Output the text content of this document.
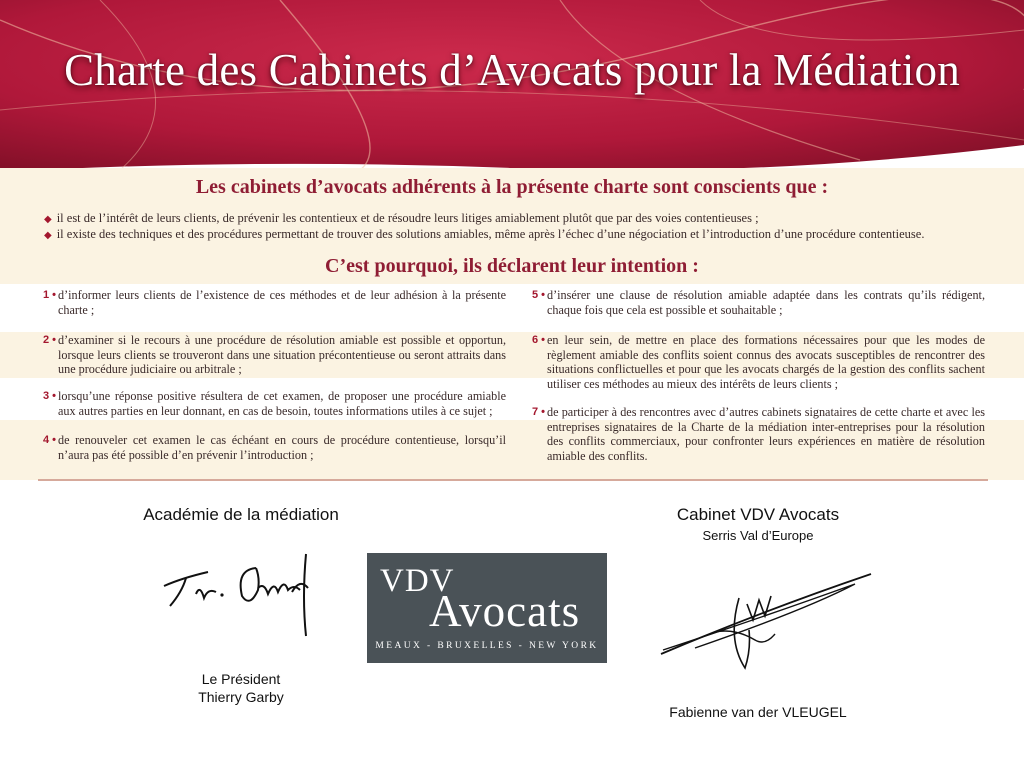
Charte des Cabinets d’Avocats pour la Médiation
Les cabinets d’avocats adhérents à la présente charte sont conscients que :
◆ il est de l’intérêt de leurs clients, de prévenir les contentieux et de résoudre leurs litiges amiablement plutôt que par des voies contentieuses ;
◆ il existe des techniques et des procédures permettant de trouver des solutions amiables, même après l’échec d’une négociation et l’introduction d’une procédure contentieuse.
C’est pourquoi, ils déclarent leur intention :
1 • d’informer leurs clients de l’existence de ces méthodes et de leur adhésion à la présente charte ;
2 • d’examiner si le recours à une procédure de résolution amiable est possible et opportun, lorsque leurs clients se trouveront dans une situation précontentieuse ou seront attraits dans une procédure judiciaire ou arbitrale ;
3 • lorsqu’une réponse positive résultera de cet examen, de proposer une procédure amiable aux autres parties en leur donnant, en cas de besoin, toutes informations utiles à ce sujet ;
4 • de renouveler cet examen le cas échéant en cours de procédure contentieuse, lorsqu’il n’aura pas été possible d’en prévenir l’introduction ;
5 • d’insérer une clause de résolution amiable adaptée dans les contrats qu’ils rédigent, chaque fois que cela est possible et souhaitable ;
6 • en leur sein, de mettre en place des formations nécessaires pour que les modes de règlement amiable des conflits soient connus des avocats susceptibles de rencontrer des situations conflictuelles et pour que les avocats chargés de la gestion des conflits sachent utiliser ces méthodes au mieux des intérêts de leurs clients ;
7 • de participer à des rencontres avec d’autres cabinets signataires de cette charte et avec les entreprises signataires de la Charte de la médiation inter-entreprises pour la résolution des conflits commerciaux, pour confronter leurs expériences en matière de résolution amiable des conflits.
Académie de la médiation
Le Président
Thierry Garby
VDV
Avocats
MEAUX - BRUXELLES - NEW YORK
Cabinet VDV Avocats
Serris Val d’Europe
Fabienne van der VLEUGEL
